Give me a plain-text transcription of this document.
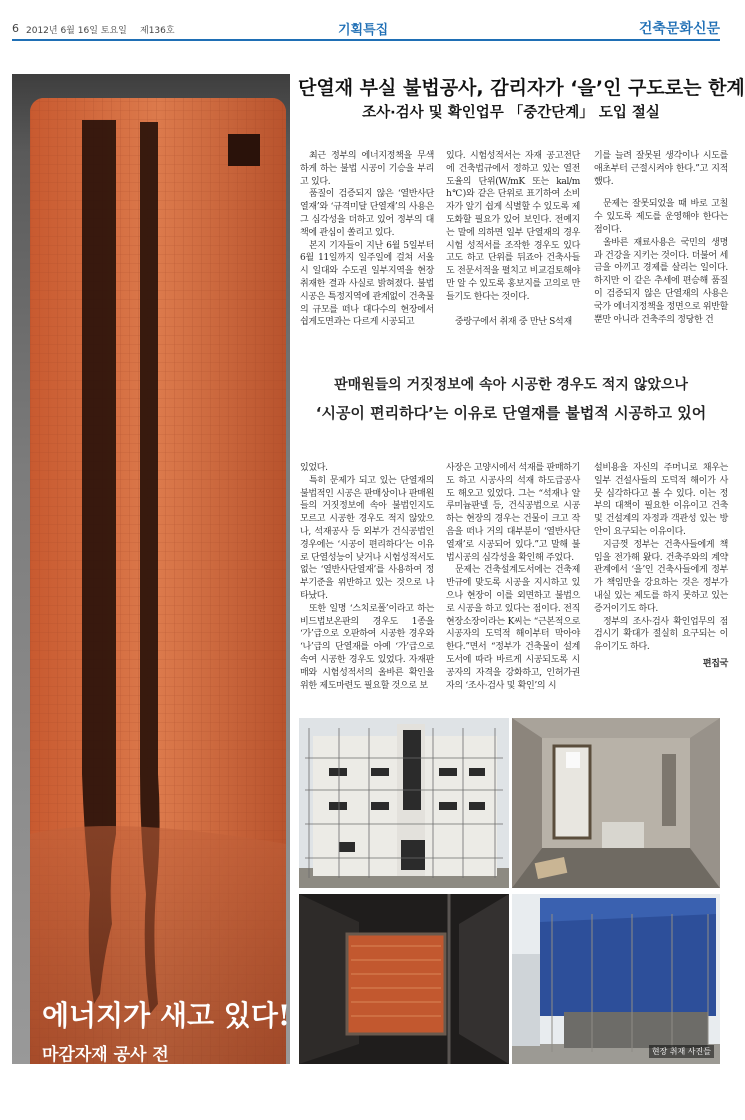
6 2012년 6월 16일 토요일 제136호	기획특집	건축문화신문
에너지가 새고 있다!
마감자재 공사 전
단열재에 대한
품질확인과정 거쳐야
단열재 부실 불법공사, 감리자가 ‘을’인 구도로는 한계
조사·검사 및 확인업무 「중간단계」 도입 절실

최근 정부의 에너지정책을 무색하게 하는 불법 시공이 기승을 부리고 있다.

품질이 검증되지 않은 ‘열반사단열재’와 ‘규격미달 단열재’의 사용은 그 심각성을 더하고 있어 정부의 대책에 관심이 쏠리고 있다.

본지 기자들이 지난 6월 5일부터 6월 11일까지 일주일에 걸쳐 서울시 일대와 수도권 일부지역을 현장 취재한 결과 사실로 밝혀졌다. 불법 시공은 특정지역에 관계없이 건축물의 규모를 떠나 대다수의 현장에서 쉽게도면과는 다르게 시공되고

있다. 시험성적서는 자재 공고전단에 건축법규에서 정하고 있는 열전도율의 단위(W/mK 또는 kal/mh℃)와 같은 단위로 표기하여 소비자가 알기 쉽게 식별할 수 있도록 제도화할 필요가 있어 보인다. 전예지는 말에 의하면 일부 단열재의 경우 시험 성적서를 조작한 경우도 있다고도 하고 단위를 뒤죠아 건축사들도 전문서적을 펼치고 비교검토해야만 알 수 있도록 홍보지를 고의로 만들기도 한다는 것이다.

중랑구에서 취재 중 만난 S석재

기를 늘려 잘못된 생각이나 시도를 애초부터 근절시켜야 한다.”고 지적했다.

문제는 잘못되었을 때 바로 고칠 수 있도록 제도를 운영해야 한다는 점이다.

올바른 재료사용은 국민의 생명과 건강을 지키는 것이다. 더불어 세금을 아끼고 경제를 살리는 일이다. 하지만 이 같은 추세에 편승해 품질이 검증되지 않은 단열재의 사용은 국가 에너지정책을 정면으로 위반할 뿐만 아니라 건축주의 정당한 건

판매원들의 거짓정보에 속아 시공한 경우도 적지 않았으나
‘시공이 편리하다’는 이유로 단열재를 불법적 시공하고 있어

있었다.

특히 문제가 되고 있는 단열재의 불법적인 시공은 판매상이나 판매원들의 거짓정보에 속아 불법인지도 모르고 시공한 경우도 적지 않았으나, 석재공사 등 외부가 건식공법인 경우에는 ‘시공이 편리하다’는 이유로 단열성능이 낮거나 시험성적서도 없는 ‘열반사단열재’를 사용하여 정부기준을 위반하고 있는 것으로 나타났다.

또한 일명 ‘스치로폴’이라고 하는 비드법보온판의 경우도 1종을 ‘가’급으로 오판하여 시공한 경우와 ‘나’급의 단열재를 아예 ‘가’급으로 속여 시공한 경우도 있었다. 자재판매와 시험성적서의 올바른 확인을 위한 제도마련도 필요할 것으로 보

사장은 고양시에서 석재를 판매하기도 하고 시공사의 석재 하도급공사도 해오고 있었다. 그는 “석재나 알루미늄판넬 등, 건식공법으로 시공하는 현장의 경우는 건물이 크고 작음을 떠나 거의 대부분이 ‘열반사단열재’로 시공되어 있다.”고 말해 불법시공의 심각성을 확인해 주었다.

문제는 건축설계도서에는 건축제반규에 맞도록 시공을 지시하고 있으나 현장이 이를 외면하고 불법으로 시공을 하고 있다는 점이다. 전직 현장소장이라는 K씨는 “근본적으로 시공자의 도덕적 해이부터 막아야 한다.”면서 “정부가 건축물이 설계도서에 따라 바르게 시공되도록 시공자의 자격을 강화하고, 인허가권자의 ‘조사·검사 및 확인’의 시

설비용을 자신의 주머니로 채우는 일부 건설사들의 도덕적 해이가 사뭇 심각하다고 볼 수 있다. 이는 정부의 대책이 필요한 이유이고 건축 및 건설계의 자정과 객관성 있는 방안이 요구되는 이유이다.

지금껏 정부는 건축사들에게 책임을 전가해 왔다. 건축주와의 계약관계에서 ‘을’인 건축사들에게 정부가 책임만을 강요하는 것은 정부가 내실 있는 제도를 하지 못하고 있는 증거이기도 하다.

정부의 조사·검사 확인업무의 점검시기 확대가 절실히 요구되는 이유이기도 하다.

편집국
현장 취재 사진들
